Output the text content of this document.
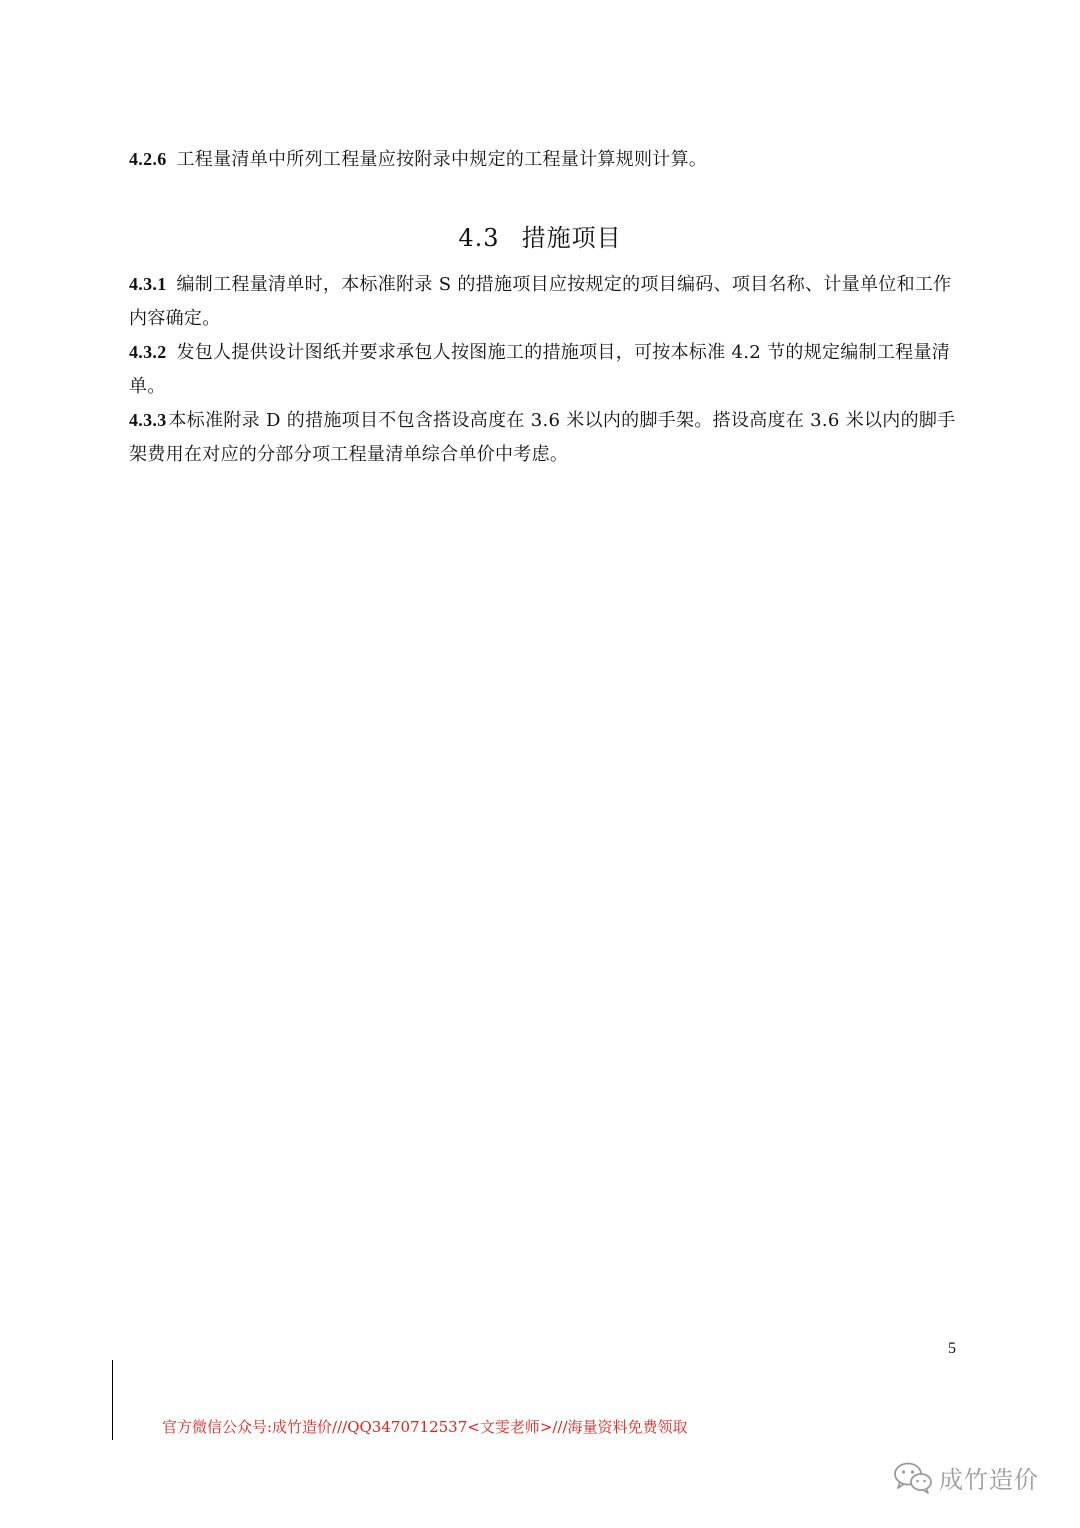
4.2.6 工程量清单中所列工程量应按附录中规定的工程量计算规则计算。

4.3 措施项目

4.3.1 编制工程量清单时，本标准附录 S 的措施项目应按规定的项目编码、项目名称、计量单位和工作内容确定。

4.3.2 发包人提供设计图纸并要求承包人按图施工的措施项目，可按本标准 4.2 节的规定编制工程量清单。

4.3.3 本标准附录 D 的措施项目不包含搭设高度在 3.6 米以内的脚手架。搭设高度在 3.6 米以内的脚手架费用在对应的分部分项工程量清单综合单价中考虑。

5
官方微信公众号:成竹造价///QQ3470712537<文雯老师>///海量资料免费领取
成竹造价
